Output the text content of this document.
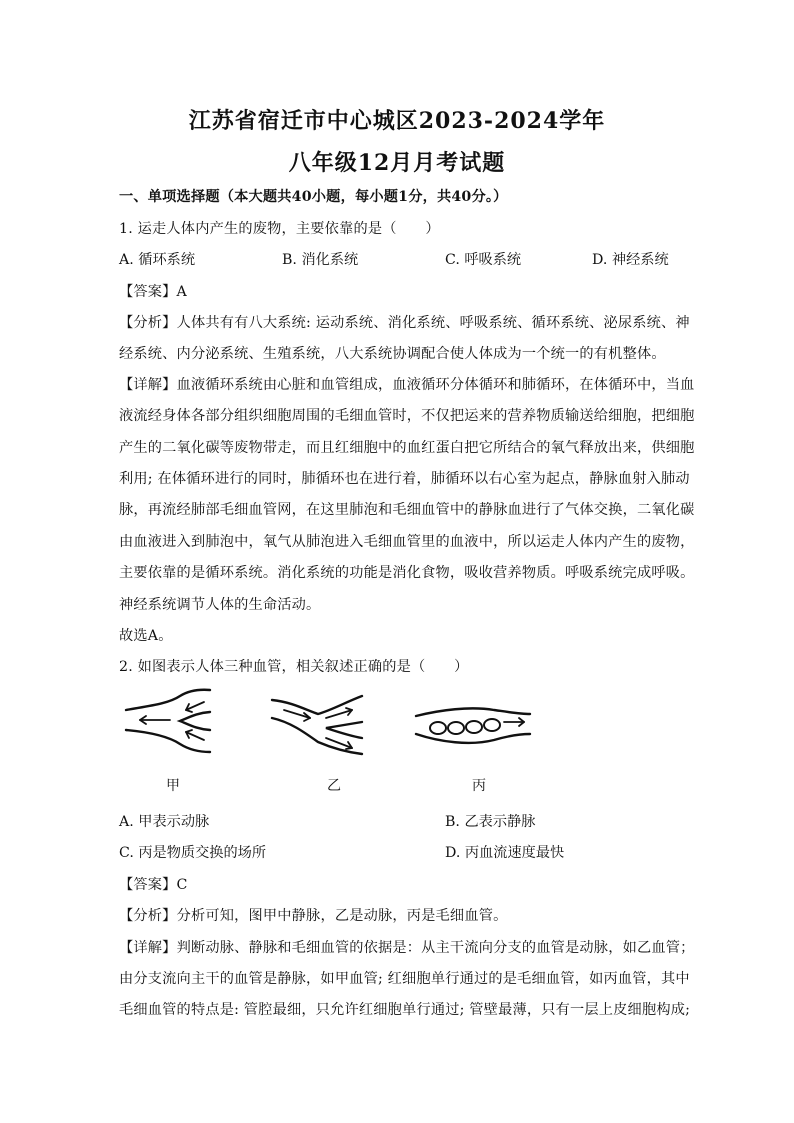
江苏省宿迁市中心城区2023-2024学年
八年级12月月考试题
一、单项选择题（本大题共40小题，每小题1分，共40分。）
1. 运走人体内产生的废物，主要依靠的是（　　）
A. 循环系统	B. 消化系统	C. 呼吸系统	D. 神经系统
【答案】A
【分析】人体共有有八大系统: 运动系统、消化系统、呼吸系统、循环系统、泌尿系统、神
经系统、内分泌系统、生殖系统，八大系统协调配合使人体成为一个统一的有机整体。
【详解】血液循环系统由心脏和血管组成，血液循环分体循环和肺循环，在体循环中，当血
液流经身体各部分组织细胞周围的毛细血管时，不仅把运来的营养物质输送给细胞，把细胞
产生的二氧化碳等废物带走，而且红细胞中的血红蛋白把它所结合的氧气释放出来，供细胞
利用; 在体循环进行的同时，肺循环也在进行着，肺循环以右心室为起点，静脉血射入肺动
脉，再流经肺部毛细血管网，在这里肺泡和毛细血管中的静脉血进行了气体交换，二氧化碳
由血液进入到肺泡中，氧气从肺泡进入毛细血管里的血液中，所以运走人体内产生的废物，
主要依靠的是循环系统。消化系统的功能是消化食物，吸收营养物质。呼吸系统完成呼吸。
神经系统调节人体的生命活动。
故选A。
2. 如图表示人体三种血管，相关叙述正确的是（　　）
甲	乙	丙
A. 甲表示动脉	B. 乙表示静脉
C. 丙是物质交换的场所	D. 丙血流速度最快
【答案】C
【分析】分析可知，图甲中静脉，乙是动脉，丙是毛细血管。
【详解】判断动脉、静脉和毛细血管的依据是：从主干流向分支的血管是动脉，如乙血管；
由分支流向主干的血管是静脉，如甲血管; 红细胞单行通过的是毛细血管，如丙血管，其中
毛细血管的特点是: 管腔最细，只允许红细胞单行通过; 管壁最薄，只有一层上皮细胞构成;
